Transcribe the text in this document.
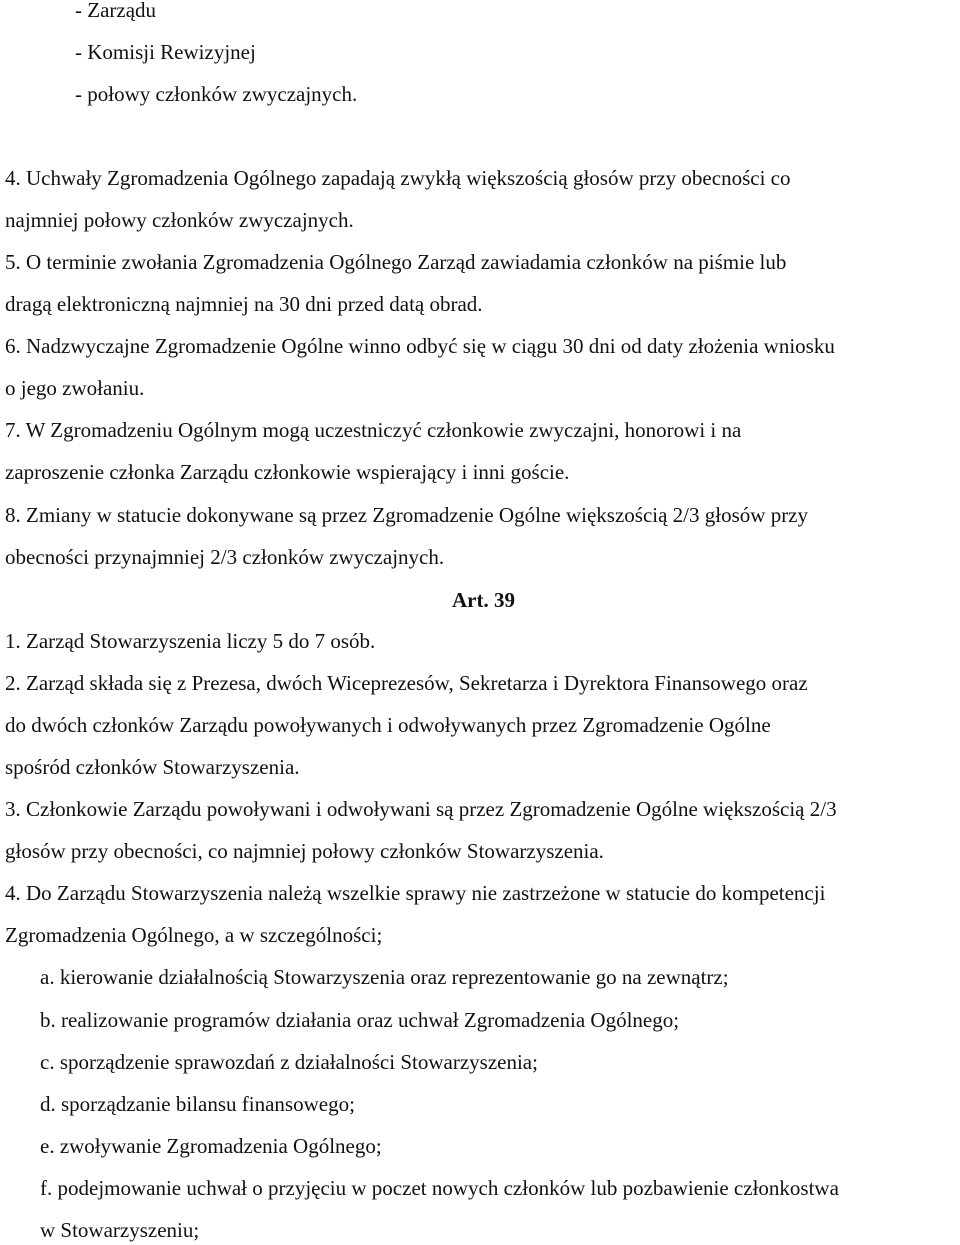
- Zarządu
- Komisji Rewizyjnej
- połowy członków zwyczajnych.
4. Uchwały Zgromadzenia Ogólnego zapadają zwykłą większością głosów przy obecności co
najmniej połowy członków zwyczajnych.
5. O terminie zwołania Zgromadzenia Ogólnego Zarząd zawiadamia członków na piśmie lub
dragą elektroniczną najmniej na 30 dni przed datą obrad.
6. Nadzwyczajne Zgromadzenie Ogólne winno odbyć się w ciągu 30 dni od daty złożenia wniosku
o jego zwołaniu.
7. W Zgromadzeniu Ogólnym mogą uczestniczyć członkowie zwyczajni, honorowi i na
zaproszenie członka Zarządu członkowie wspierający i inni goście.
8. Zmiany w statucie dokonywane są przez Zgromadzenie Ogólne większością 2/3 głosów przy
obecności przynajmniej 2/3 członków zwyczajnych.
Art. 39
1. Zarząd Stowarzyszenia liczy 5 do 7 osób.
2. Zarząd składa się z Prezesa, dwóch Wiceprezesów, Sekretarza i Dyrektora Finansowego oraz
do dwóch członków Zarządu powoływanych i odwoływanych przez Zgromadzenie Ogólne
spośród członków Stowarzyszenia.
3. Członkowie Zarządu powoływani i odwoływani są przez Zgromadzenie Ogólne większością 2/3
głosów przy obecności, co najmniej połowy członków Stowarzyszenia.
4. Do Zarządu Stowarzyszenia należą wszelkie sprawy nie zastrzeżone w statucie do kompetencji
Zgromadzenia Ogólnego, a w szczególności;
a. kierowanie działalnością Stowarzyszenia oraz reprezentowanie go na zewnątrz;
b. realizowanie programów działania oraz uchwał Zgromadzenia Ogólnego;
c. sporządzenie sprawozdań z działalności Stowarzyszenia;
d. sporządzanie bilansu finansowego;
e. zwoływanie Zgromadzenia Ogólnego;
f. podejmowanie uchwał o przyjęciu w poczet nowych członków lub pozbawienie członkostwa
w Stowarzyszeniu;
